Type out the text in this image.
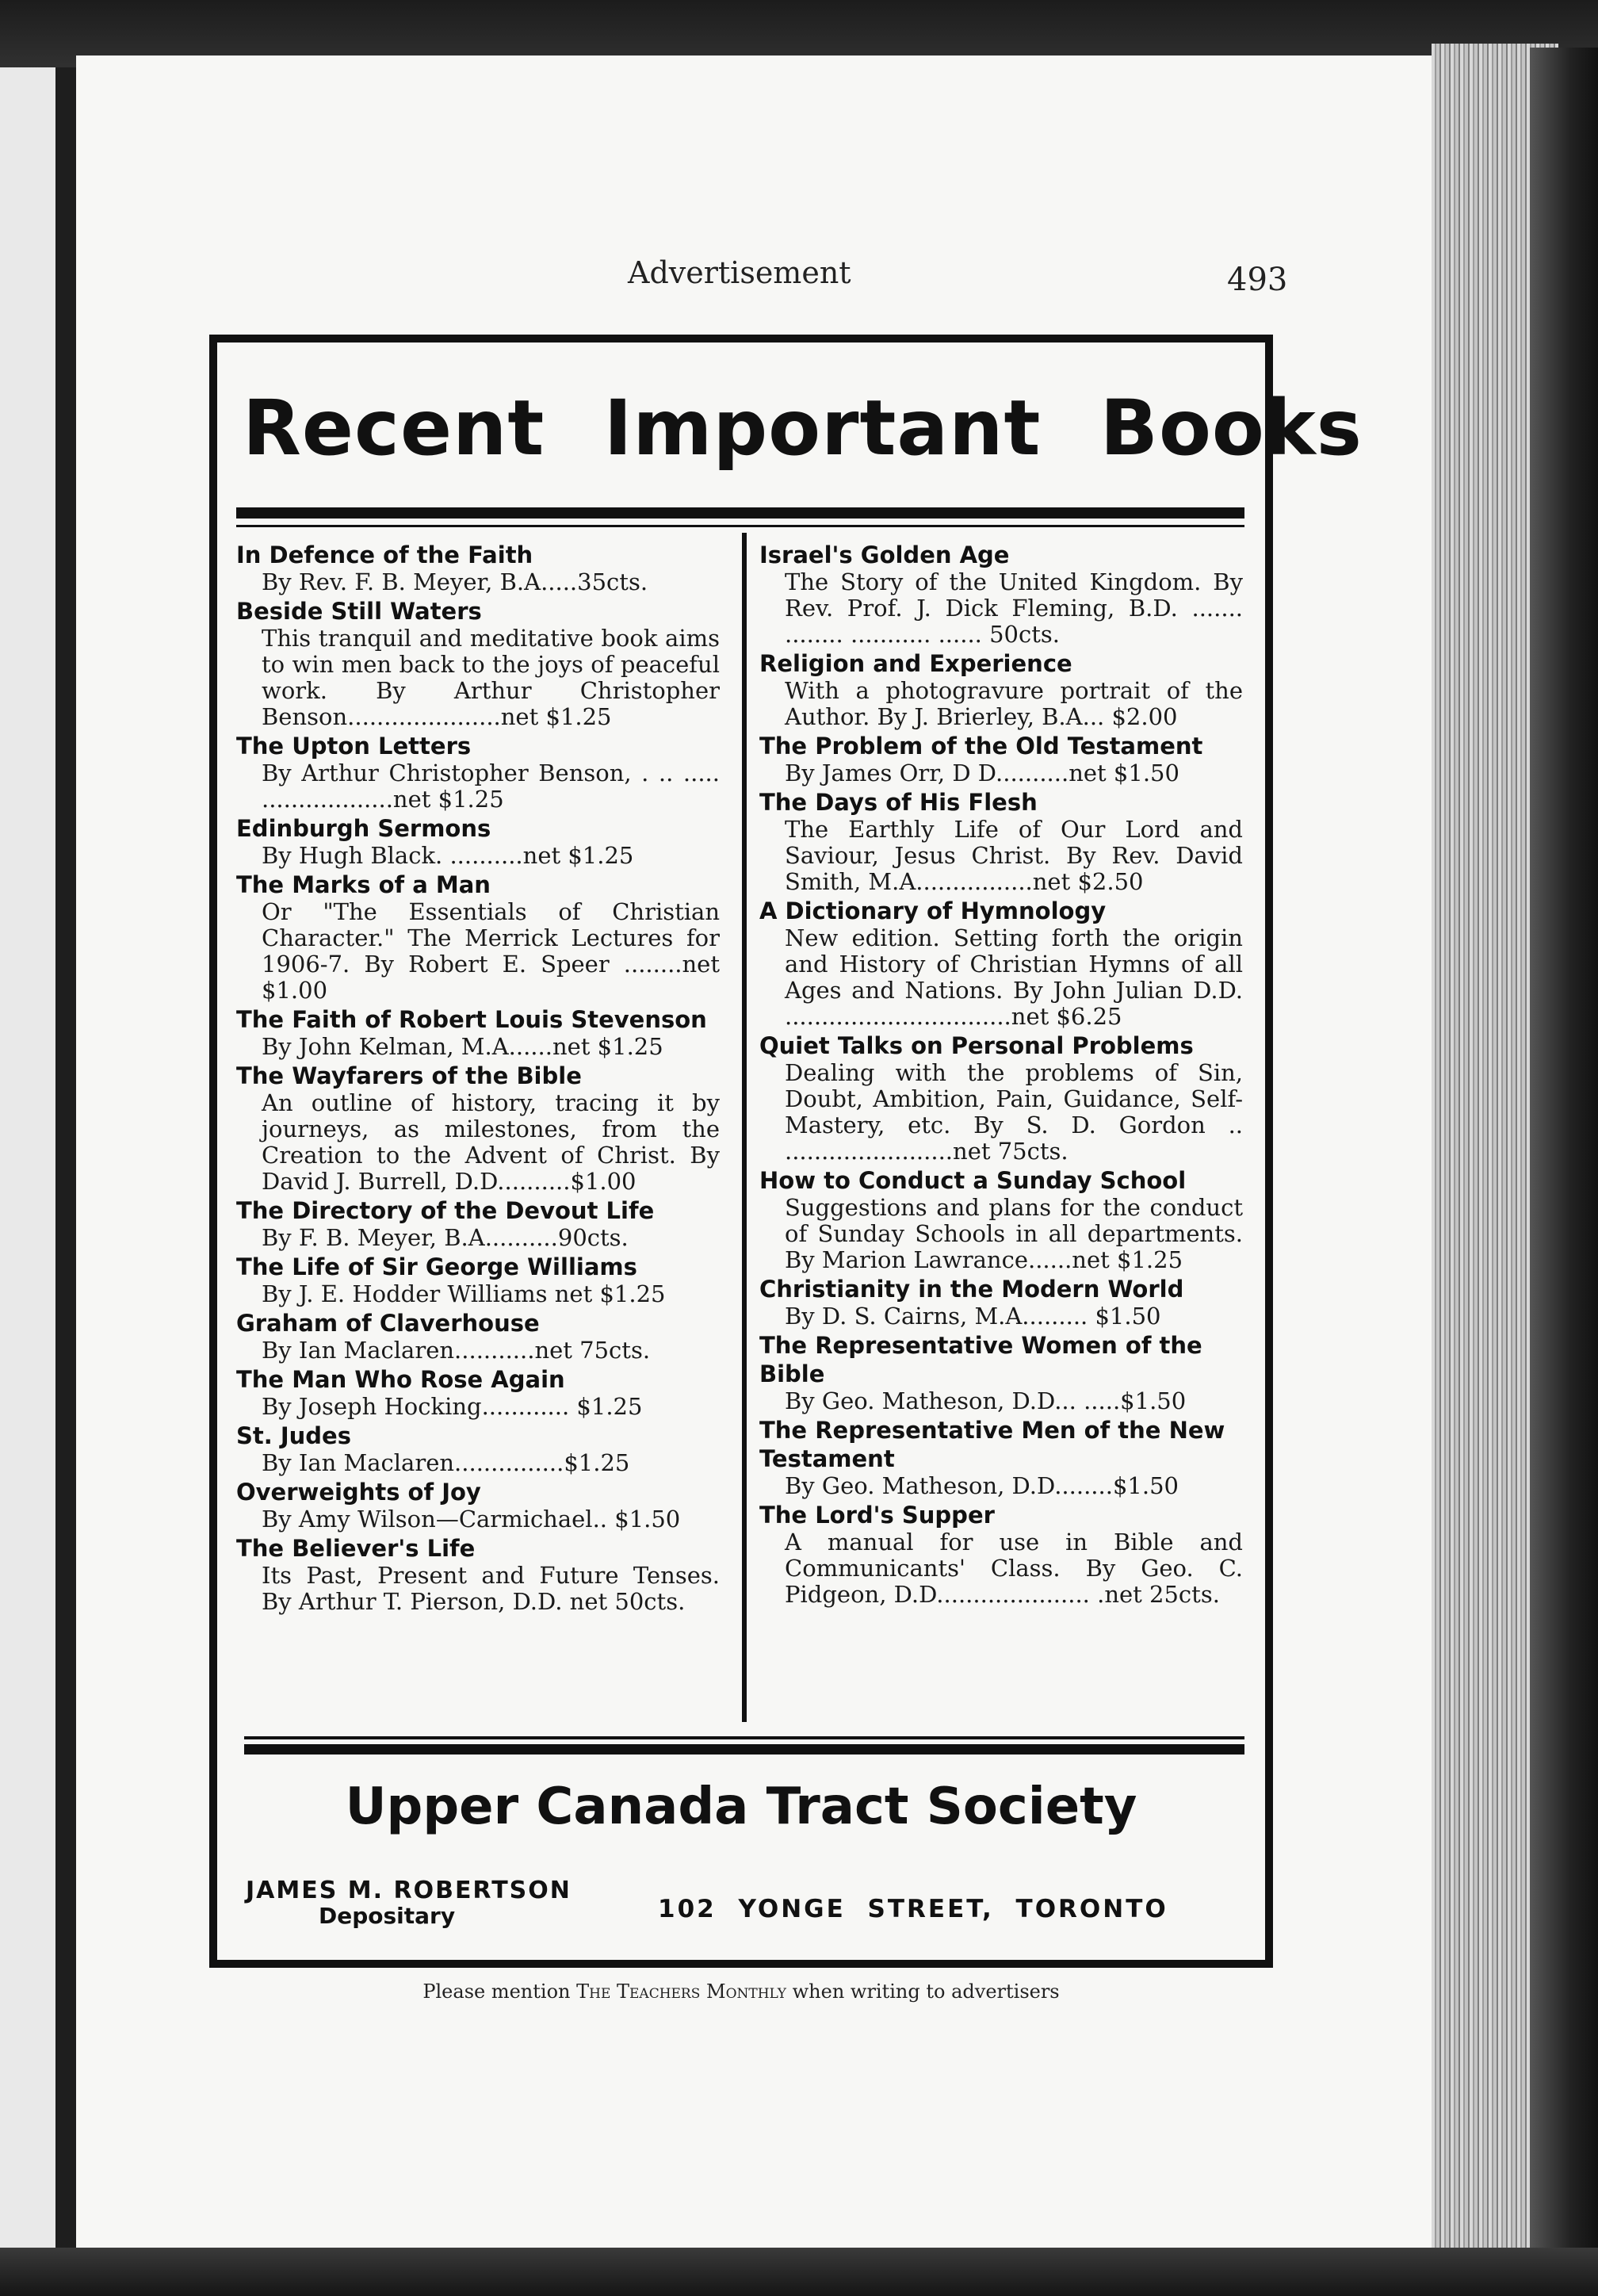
Advertisement	493
Recent Important Books
In Defence of the Faith
By Rev. F. B. Meyer, B.A.....35cts.
Beside Still Waters
This tranquil and meditative book aims to win men back to the joys of peaceful work. By Arthur Christopher Benson.....................net $1.25
The Upton Letters
By Arthur Christopher Benson, . .. ..... ..................net $1.25
Edinburgh Sermons
By Hugh Black. ..........net $1.25
The Marks of a Man
Or "The Essentials of Christian Character." The Merrick Lectures for 1906-7. By Robert E. Speer ........net $1.00
The Faith of Robert Louis Stevenson
By John Kelman, M.A......net $1.25
The Wayfarers of the Bible
An outline of history, tracing it by journeys, as milestones, from the Creation to the Advent of Christ. By David J. Burrell, D.D..........$1.00
The Directory of the Devout Life
By F. B. Meyer, B.A..........90cts.
The Life of Sir George Williams
By J. E. Hodder Williams net $1.25
Graham of Claverhouse
By Ian Maclaren...........net 75cts.
The Man Who Rose Again
By Joseph Hocking............ $1.25
St. Judes
By Ian Maclaren...............$1.25
Overweights of Joy
By Amy Wilson—Carmichael.. $1.50
The Believer's Life
Its Past, Present and Future Tenses. By Arthur T. Pierson, D.D. net 50cts.
Israel's Golden Age
The Story of the United Kingdom. By Rev. Prof. J. Dick Fleming, B.D. ....... ........ ........... ...... 50cts.
Religion and Experience
With a photogravure portrait of the Author. By J. Brierley, B.A... $2.00
The Problem of the Old Testament
By James Orr, D D..........net $1.50
The Days of His Flesh
The Earthly Life of Our Lord and Saviour, Jesus Christ. By Rev. David Smith, M.A................net $2.50
A Dictionary of Hymnology
New edition. Setting forth the origin and History of Christian Hymns of all Ages and Nations. By John Julian D.D. ...............................net $6.25
Quiet Talks on Personal Problems
Dealing with the problems of Sin, Doubt, Ambition, Pain, Guidance, Self-Mastery, etc. By S. D. Gordon .. .......................net 75cts.
How to Conduct a Sunday School
Suggestions and plans for the conduct of Sunday Schools in all departments. By Marion Lawrance......net $1.25
Christianity in the Modern World
By D. S. Cairns, M.A......... $1.50
The Representative Women of the Bible
By Geo. Matheson, D.D... .....$1.50
The Representative Men of the New Testament
By Geo. Matheson, D.D........$1.50
The Lord's Supper
A manual for use in Bible and Communicants' Class. By Geo. C. Pidgeon, D.D..................... .net 25cts.
Upper Canada Tract Society
JAMES M. ROBERTSON
Depositary	102 YONGE STREET, TORONTO
Please mention The Teachers Monthly when writing to advertisers
